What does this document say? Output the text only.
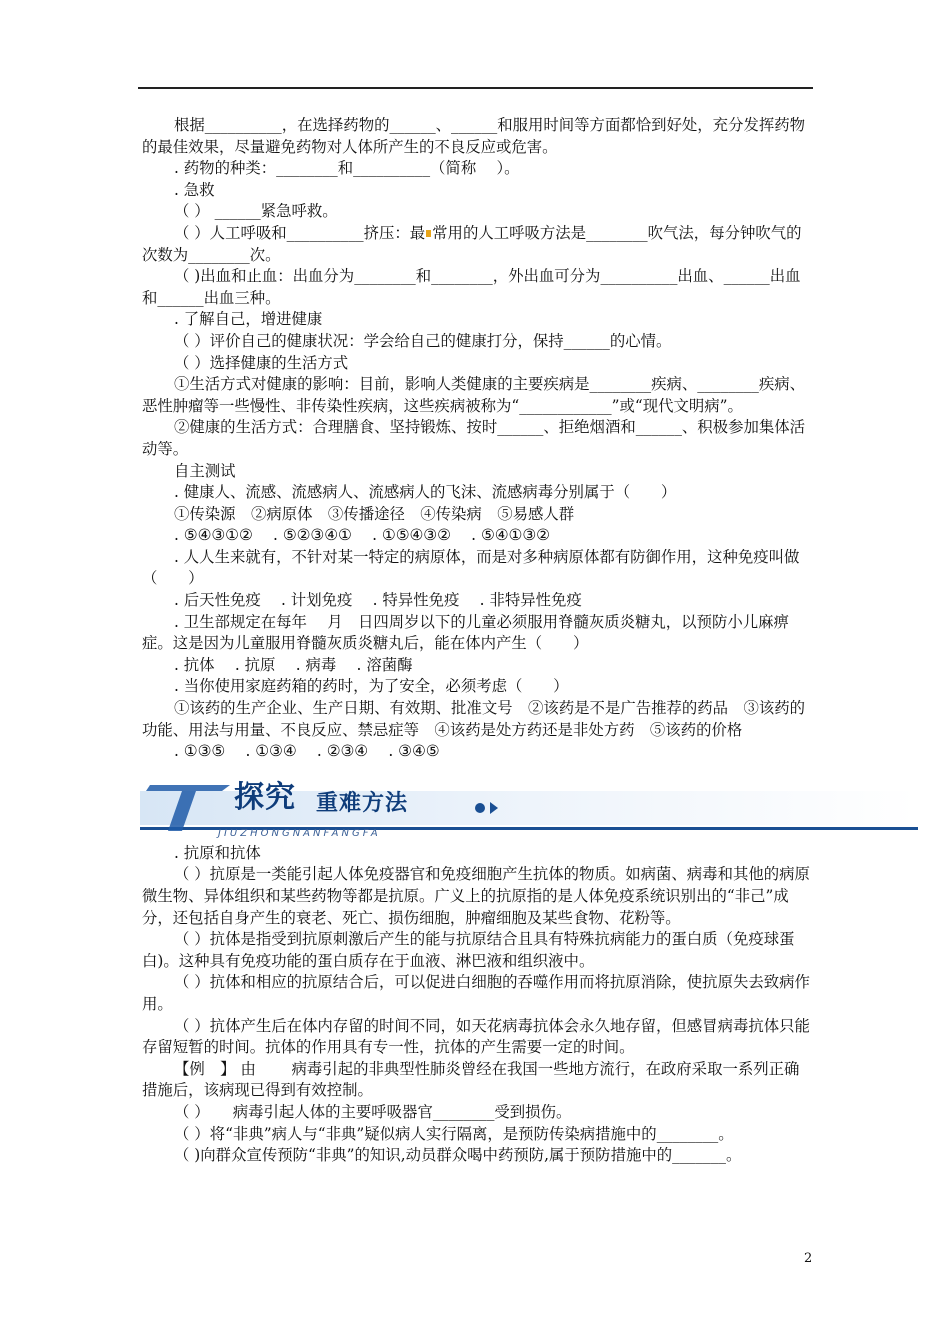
根据__________，在选择药物的______、______和服用时间等方面都恰到好处，充分发挥药物的最佳效果，尽量避免药物对人体所产生的不良反应或危害。

. 药物的种类：________和__________（简称　 ）。

. 急救

（ ） ______紧急呼救。

（ ）人工呼吸和__________挤压：最 常用的人工呼吸方法是________吹气法，每分钟吹气的次数为________次。

（ )出血和止血：出血分为________和________，外出血可分为__________出血、______出血和______出血三种。

. 了解自己，增进健康

（ ）评价自己的健康状况：学会给自己的健康打分，保持______的心情。

（ ）选择健康的生活方式

①生活方式对健康的影响：目前，影响人类健康的主要疾病是________疾病、________疾病、恶性肿瘤等一些慢性、非传染性疾病，这些疾病被称为“____________”或“现代文明病”。

②健康的生活方式：合理膳食、坚持锻炼、按时______、拒绝烟酒和______、积极参加集体活动等。

自主测试

. 健康人、流感、流感病人、流感病人的飞沫、流感病毒分别属于（　　）

①传染源　②病原体　③传播途径　④传染病　⑤易感人群

. ⑤④③①②　 . ⑤②③④①　 . ①⑤④③②　 . ⑤④①③②

. 人人生来就有，不针对某一特定的病原体，而是对多种病原体都有防御作用，这种免疫叫做（　　）

. 后天性免疫　 . 计划免疫　 . 特异性免疫　 . 非特异性免疫

. 卫生部规定在每年　 月　日四周岁以下的儿童必须服用脊髓灰质炎糖丸，以预防小儿麻痹症。这是因为儿童服用脊髓灰质炎糖丸后，能在体内产生（　　）

. 抗体　 . 抗原　 . 病毒　 . 溶菌酶

. 当你使用家庭药箱的药时，为了安全，必须考虑（　　）

①该药的生产企业、生产日期、有效期、批准文号　②该药是不是广告推荐的药品　③该药的功能、用法与用量、不良反应、禁忌症等　④该药是处方药还是非处方药　⑤该药的价格

. ①③⑤　 . ①③④　 . ②③④　 . ③④⑤

探究 重难方法
JIUZHONGNANFANGFA

. 抗原和抗体

（ ）抗原是一类能引起人体免疫器官和免疫细胞产生抗体的物质。如病菌、病毒和其他的病原微生物、异体组织和某些药物等都是抗原。广义上的抗原指的是人体免疫系统识别出的“非己”成分，还包括自身产生的衰老、死亡、损伤细胞，肿瘤细胞及某些食物、花粉等。

（ ）抗体是指受到抗原刺激后产生的能与抗原结合且具有特殊抗病能力的蛋白质（免疫球蛋白)。这种具有免疫功能的蛋白质存在于血液、淋巴液和组织液中。

（ ）抗体和相应的抗原结合后，可以促进白细胞的吞噬作用而将抗原消除，使抗原失去致病作用。

（ ）抗体产生后在体内存留的时间不同，如天花病毒抗体会永久地存留，但感冒病毒抗体只能存留短暂的时间。抗体的作用具有专一性，抗体的产生需要一定的时间。

【例　】 由　　 病毒引起的非典型性肺炎曾经在我国一些地方流行，在政府采取一系列正确措施后，该病现已得到有效控制。

（ ）　　病毒引起人体的主要呼吸器官________受到损伤。

（ ）将“非典”病人与“非典”疑似病人实行隔离，是预防传染病措施中的________。

（ )向群众宣传预防“非典”的知识,动员群众喝中药预防,属于预防措施中的_______。

2
